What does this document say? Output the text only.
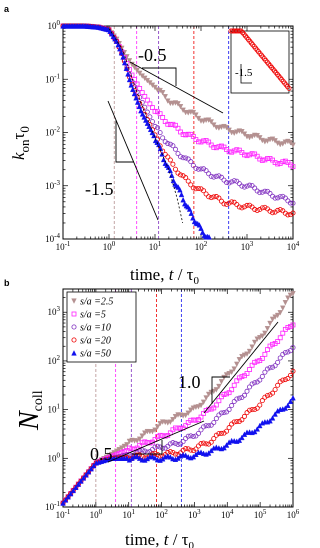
a
b
$10^{-1}$	$10^0$	$10^1$	$10^2$	$10^3$	$10^4$
$10^{-4}$
$10^{-3}$
$10^{-2}$
$10^{-1}$
$10^0$
-0.5
-1.5
-1.5
time, t / $\tau_0$
$k_{on}\tau_0$
$10^{-1}$ $10^0$ $10^1$ $10^2$ $10^3$ $10^4$ $10^5$ $10^6$
$10^{-1}$
$10^0$
$10^1$
$10^2$
$10^3$
0.5
1.0
s/a =2.5
s/a =5
s/a =10
s/a =20
s/a =50
time, t / $\tau_0$
Ncoll
